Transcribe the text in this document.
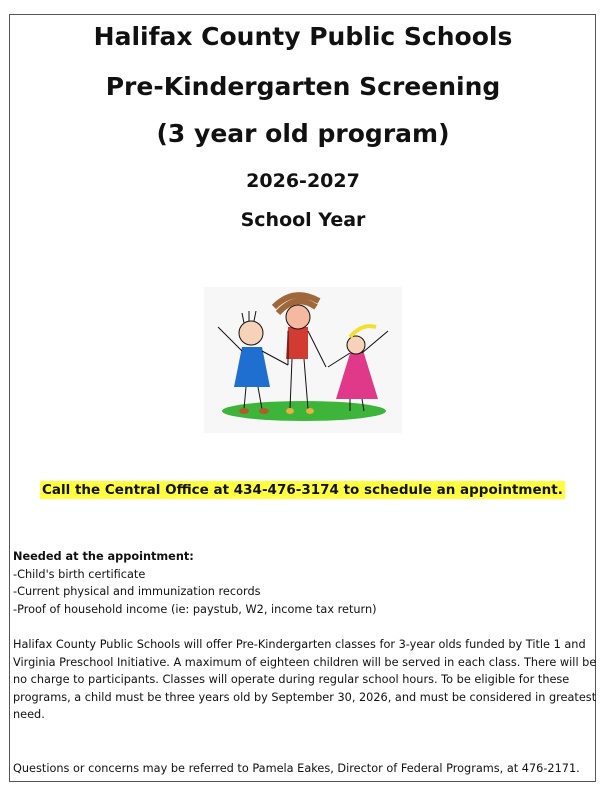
Halifax County Public Schools
Pre-Kindergarten Screening
(3 year old program)
2026-2027
School Year
Call the Central Office at 434-476-3174 to schedule an appointment.
Needed at the appointment:
-Child's birth certificate
-Current physical and immunization records
-Proof of household income (ie: paystub, W2, income tax return)
Halifax County Public Schools will offer Pre-Kindergarten classes for 3-year olds funded by Title 1 and
Virginia Preschool Initiative. A maximum of eighteen children will be served in each class. There will be
no charge to participants. Classes will operate during regular school hours. To be eligible for these
programs, a child must be three years old by September 30, 2026, and must be considered in greatest
need.
Questions or concerns may be referred to Pamela Eakes, Director of Federal Programs, at 476-2171.
